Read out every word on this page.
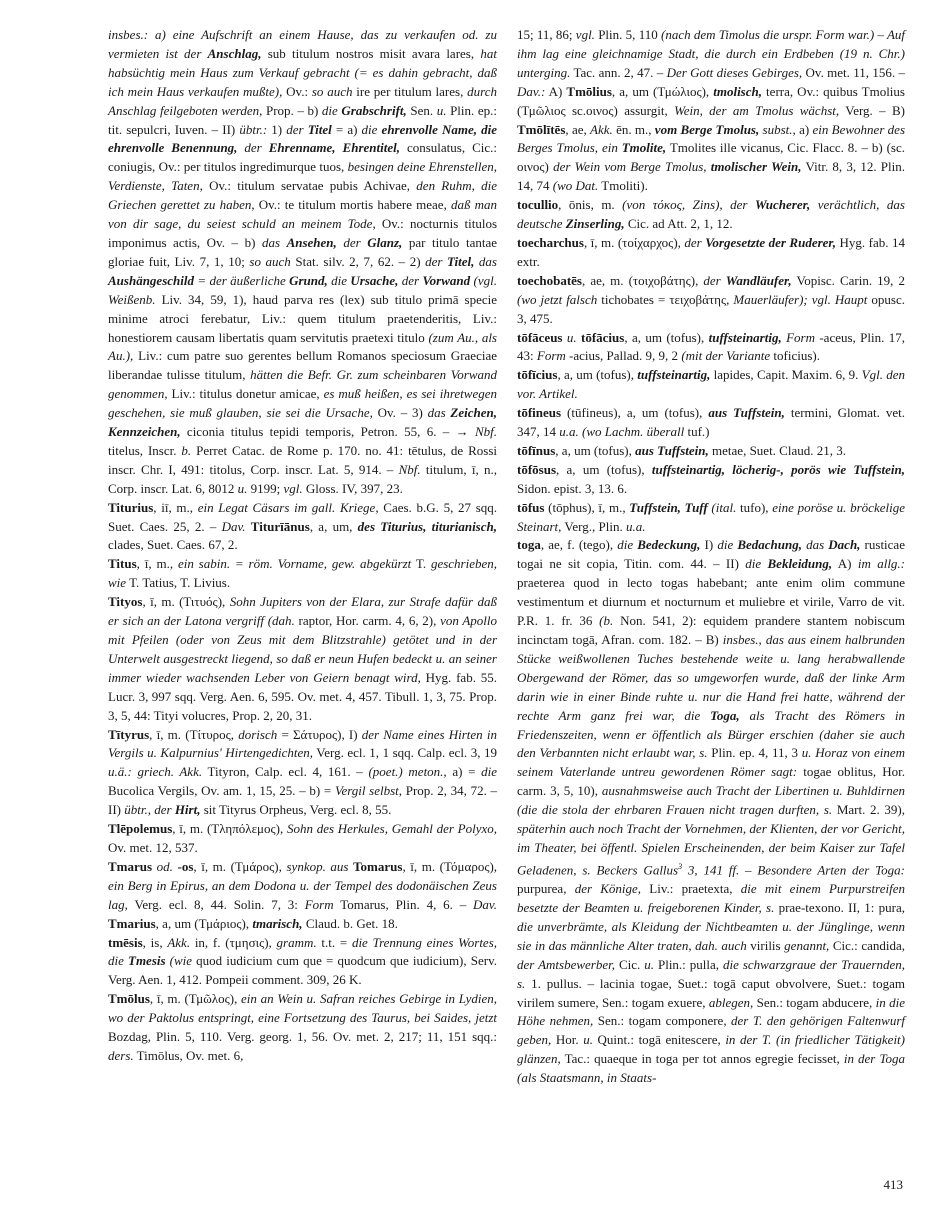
insbes.: a) eine Aufschrift an einem Hause, das zu verkaufen od. zu vermieten ist der Anschlag, sub titulum nostros misit avara lares, hat habsüchtig mein Haus zum Verkauf gebracht (= es dahin gebracht, daß ich mein Haus verkaufen mußte), Ov.: so auch ire per titulum lares, durch Anschlag feilgeboten werden, Prop. – b) die Grabschrift, Sen. u. Plin. ep.: tit. sepulcri, Iuven. – II) übtr.: 1) der Titel = a) die ehrenvolle Name, die ehrenvolle Benennung, der Ehrenname, Ehrentitel, consulatus, Cic.: coniugis, Ov.: per titulos ingredimurque tuos, besingen deine Ehrenstellen, Verdienste, Taten, Ov.: titulum servatae pubis Achivae, den Ruhm, die Griechen gerettet zu haben, Ov.: te titulum mortis habere meae, daß man von dir sage, du seiest schuld an meinem Tode, Ov.: nocturnis titulos imponimus actis, Ov. – b) das Ansehen, der Glanz, par titulo tantae gloriae fuit, Liv. 7, 1, 10; so auch Stat. silv. 2, 7, 62. – 2) der Titel, das Aushängeschild = der äußerliche Grund, die Ursache, der Vorwand (vgl. Weißenb. Liv. 34, 59, 1), haud parva res (lex) sub titulo primā specie minime atroci ferebatur, Liv.: quem titulum praetenderitis, Liv.: honestiorem causam libertatis quam servitutis praetexi titulo (zum Au., als Au.), Liv.: cum patre suo gerentes bellum Romanos speciosum Graeciae liberandae tulisse titulum, hätten die Befr. Gr. zum scheinbaren Vorwand genommen, Liv.: titulus donetur amicae, es muß heißen, es sei ihretwegen geschehen, sie muß glauben, sie sei die Ursache, Ov. – 3) das Zeichen, Kennzeichen, ciconia titulus tepidi temporis, Petron. 55, 6. – → Nbf. titelus, Inscr. b. Perret Catac. de Rome p. 170. no. 41: tētulus, de Rossi inscr. Chr. I, 491: titolus, Corp. inscr. Lat. 5, 914. – Nbf. titulum, ī, n., Corp. inscr. Lat. 6, 8012 u. 9199; vgl. Gloss. IV, 397, 23.

Titurius, iī, m., ein Legat Cäsars im gall. Kriege, Caes. b.G. 5, 27 sqq. Suet. Caes. 25, 2. – Dav. Titurīānus, a, um, des Titurius, titurianisch, clades, Suet. Caes. 67, 2.

Titus, ī, m., ein sabin. = röm. Vorname, gew. abgekürzt T. geschrieben, wie T. Tatius, T. Livius.

Tityos, ī, m. (Τιτυός), Sohn Jupiters von der Elara, zur Strafe dafür daß er sich an der Latona vergriff (dah. raptor, Hor. carm. 4, 6, 2), von Apollo mit Pfeilen (oder von Zeus mit dem Blitzstrahle) getötet und in der Unterwelt ausgestreckt liegend, so daß er neun Hufen bedeckt u. an seiner immer wieder wachsenden Leber von Geiern benagt wird, Hyg. fab. 55. Lucr. 3, 997 sqq. Verg. Aen. 6, 595. Ov. met. 4, 457. Tibull. 1, 3, 75. Prop. 3, 5, 44: Tityi volucres, Prop. 2, 20, 31.

Tītyrus, ī, m. (Τίτυρος, dorisch = Σάτυρος), I) der Name eines Hirten in Vergils u. Kalpurnius' Hirtengedichten, Verg. ecl. 1, 1 sqq. Calp. ecl. 3, 19 u.ä.: griech. Akk. Tityron, Calp. ecl. 4, 161. – (poet.) meton., a) = die Bucolica Vergils, Ov. am. 1, 15, 25. – b) = Vergil selbst, Prop. 2, 34, 72. – II) übtr., der Hirt, sit Tityrus Orpheus, Verg. ecl. 8, 55.

Tlēpolemus, ī, m. (Τληπόλεμος), Sohn des Herkules, Gemahl der Polyxo, Ov. met. 12, 537.

Tmarus od. -os, ī, m. (Τμάρος), synkop. aus Tomarus, ī, m. (Τόμαρος), ein Berg in Epirus, an dem Dodona u. der Tempel des dodonäischen Zeus lag, Verg. ecl. 8, 44. Solin. 7, 3: Form Tomarus, Plin. 4, 6. – Dav. Tmarius, a, um (Τμάριος), tmarisch, Claud. b. Get. 18.

tmēsis, is, Akk. in, f. (τμησις), gramm. t.t. = die Trennung eines Wortes, die Tmesis (wie quod iudicium cum que = quodcum que iudicium), Serv. Verg. Aen. 1, 412. Pompeii comment. 309, 26 K.

Tmōlus, ī, m. (Τμῶλος), ein an Wein u. Safran reiches Gebirge in Lydien, wo der Paktolus entspringt, eine Fortsetzung des Taurus, bei Saides, jetzt Bozdag, Plin. 5, 110. Verg. georg. 1, 56. Ov. met. 2, 217; 11, 151 sqq.: ders. Timōlus, Ov. met. 6,

15; 11, 86; vgl. Plin. 5, 110 (nach dem Timolus die urspr. Form war.) – Auf ihm lag eine gleichnamige Stadt, die durch ein Erdbeben (19 n. Chr.) unterging. Tac. ann. 2, 47. – Der Gott dieses Gebirges, Ov. met. 11, 156. – Dav.: A) Tmōlius, a, um (Τμώλιος), tmolisch, terra, Ov.: quibus Tmolius (Τμῶλιος sc.οινος) assurgit, Wein, der am Tmolus wächst, Verg. – B) Tmōlītēs, ae, Akk. ēn. m., vom Berge Tmolus, subst., a) ein Bewohner des Berges Tmolus, ein Tmolite, Tmolites ille vicanus, Cic. Flacc. 8. – b) (sc. οινος) der Wein vom Berge Tmolus, tmolischer Wein, Vitr. 8, 3, 12. Plin. 14, 74 (wo Dat. Tmoliti).

tocullio, ōnis, m. (von τόκος, Zins), der Wucherer, verächtlich, das deutsche Zinserling, Cic. ad Att. 2, 1, 12.

toecharchus, ī, m. (τοίχαρχος), der Vorgesetzte der Ruderer, Hyg. fab. 14 extr.

toechobatēs, ae, m. (τοιχοβάτης), der Wandläufer, Vopisc. Carin. 19, 2 (wo jetzt falsch tichobates = τειχοβάτης, Mauerläufer); vgl. Haupt opusc. 3, 475.

tōfāceus u. tōfācius, a, um (tofus), tuffsteinartig, Form -aceus, Plin. 17, 43: Form -acius, Pallad. 9, 9, 2 (mit der Variante toficius).

tōfīcius, a, um (tofus), tuffsteinartig, lapides, Capit. Maxim. 6, 9. Vgl. den vor. Artikel.

tōfineus (tūfineus), a, um (tofus), aus Tuffstein, termini, Glomat. vet. 347, 14 u.a. (wo Lachm. überall tuf.)

tōfīnus, a, um (tofus), aus Tuffstein, metae, Suet. Claud. 21, 3.

tōfōsus, a, um (tofus), tuffsteinartig, löcherig-, porös wie Tuffstein, Sidon. epist. 3, 13. 6.

tōfus (tōphus), ī, m., Tuffstein, Tuff (ital. tufo), eine poröse u. bröckelige Steinart, Verg., Plin. u.a.

toga, ae, f. (tego), die Bedeckung, I) die Bedachung, das Dach, rusticae togai ne sit copia, Titin. com. 44. – II) die Bekleidung, A) im allg.: praeterea quod in lecto togas habebant; ante enim olim commune vestimentum et diurnum et nocturnum et muliebre et virile, Varro de vit. P.R. 1. fr. 36 (b. Non. 541, 2): equidem prandere stantem nobiscum incinctam togā, Afran. com. 182. – B) insbes., das aus einem halbrunden Stücke weißwollenen Tuches bestehende weite u. lang herabwallende Obergewand der Römer, das so umgeworfen wurde, daß der linke Arm darin wie in einer Binde ruhte u. nur die Hand frei hatte, während der rechte Arm ganz frei war, die Toga, als Tracht des Römers in Friedenszeiten, wenn er öffentlich als Bürger erschien (daher sie auch den Verbannten nicht erlaubt war, s. Plin. ep. 4, 11, 3 u. Horaz von einem seinem Vaterlande untreu gewordenen Römer sagt: togae oblitus, Hor. carm. 3, 5, 10), ausnahmsweise auch Tracht der Libertinen u. Buhldirnen (die die stola der ehrbaren Frauen nicht tragen durften, s. Mart. 2. 39), späterhin auch noch Tracht der Vornehmen, der Klienten, der vor Gericht, im Theater, bei öffentl. Spielen Erscheinenden, der beim Kaiser zur Tafel Geladenen, s. Beckers Gallus$^3$ 3, 141 ff. – Besondere Arten der Toga: purpurea, der Könige, Liv.: praetexta, die mit einem Purpurstreifen besetzte der Beamten u. freigeborenen Kinder, s. prae-texono. II, 1: pura, die unverbrämte, als Kleidung der Nichtbeamten u. der Jünglinge, wenn sie in das männliche Alter traten, dah. auch virilis genannt, Cic.: candida, der Amtsbewerber, Cic. u. Plin.: pulla, die schwarzgraue der Trauernden, s. 1. pullus. – lacinia togae, Suet.: togā caput obvolvere, Suet.: togam virilem sumere, Sen.: togam exuere, ablegen, Sen.: togam abducere, in die Höhe nehmen, Sen.: togam componere, der T. den gehörigen Faltenwurf geben, Hor. u. Quint.: togā enitescere, in der T. (in friedlicher Tätigkeit) glänzen, Tac.: quaeque in toga per tot annos egregie fecisset, in der Toga (als Staatsmann, in Staats-

413
